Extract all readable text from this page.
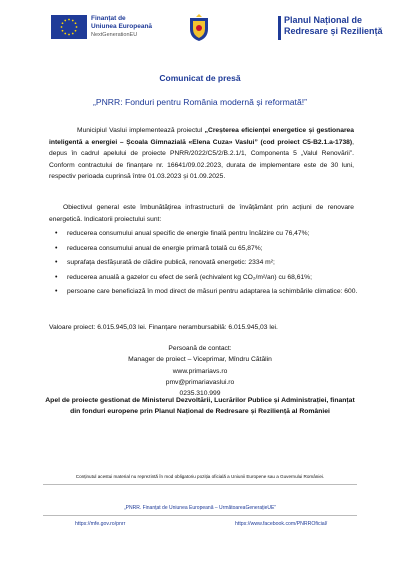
Finanțat de
Uniunea Europeană
NextGenerationEU
Planul Național de
Redresare și Reziliență
Comunicat de presă
„PNRR: Fonduri pentru România modernă și reformată!”
Municipiul Vaslui implementează proiectul „Creșterea eficienței energetice și gestionarea inteligentă a energiei – Școala Gimnazială «Elena Cuza» Vaslui” (cod proiect C5-B2.1.a-1738), depus în cadrul apelului de proiecte PNRR/2022/C5/2/B.2.1/1, Componenta 5 „Valul Renovării”. Conform contractului de finanțare nr. 16641/09.02.2023, durata de implementare este de 30 luni, respectiv perioada cuprinsă între 01.03.2023 și 01.09.2025.
Obiectivul general este îmbunătățirea infrastructurii de învățământ prin acțiuni de renovare energetică. Indicatorii proiectului sunt:
• reducerea consumului anual specific de energie finală pentru încălzire cu 76,47%;
• reducerea consumului anual de energie primară totală cu 65,87%;
• suprafața desfășurată de clădire publică, renovată energetic: 2334 m²;
• reducerea anuală a gazelor cu efect de seră (echivalent kg CO₂/m²/an) cu 68,61%;
• persoane care beneficiază în mod direct de măsuri pentru adaptarea la schimbările climatice: 600.
Valoare proiect: 6.015.945,03 lei. Finanțare nerambursabilă: 6.015.945,03 lei.
Persoană de contact:
Manager de proiect – Viceprimar, Mîndru Cătălin
www.primariavs.ro
pmv@primariavaslui.ro
0235.310.999
Apel de proiecte gestionat de Ministerul Dezvoltării, Lucrărilor Publice și Administrației, finanțat din fonduri europene prin Planul Național de Redresare și Reziliență al României
Conținutul acestui material nu reprezintă în mod obligatoriu poziția oficială a Uniunii Europene sau a Guvernului României.
„PNRR. Finanțat de Uniunea Europeană – UrmătoareaGenerațieUE”
https://mfe.gov.ro/pnrr	https://www.facebook.com/PNRROficial/
